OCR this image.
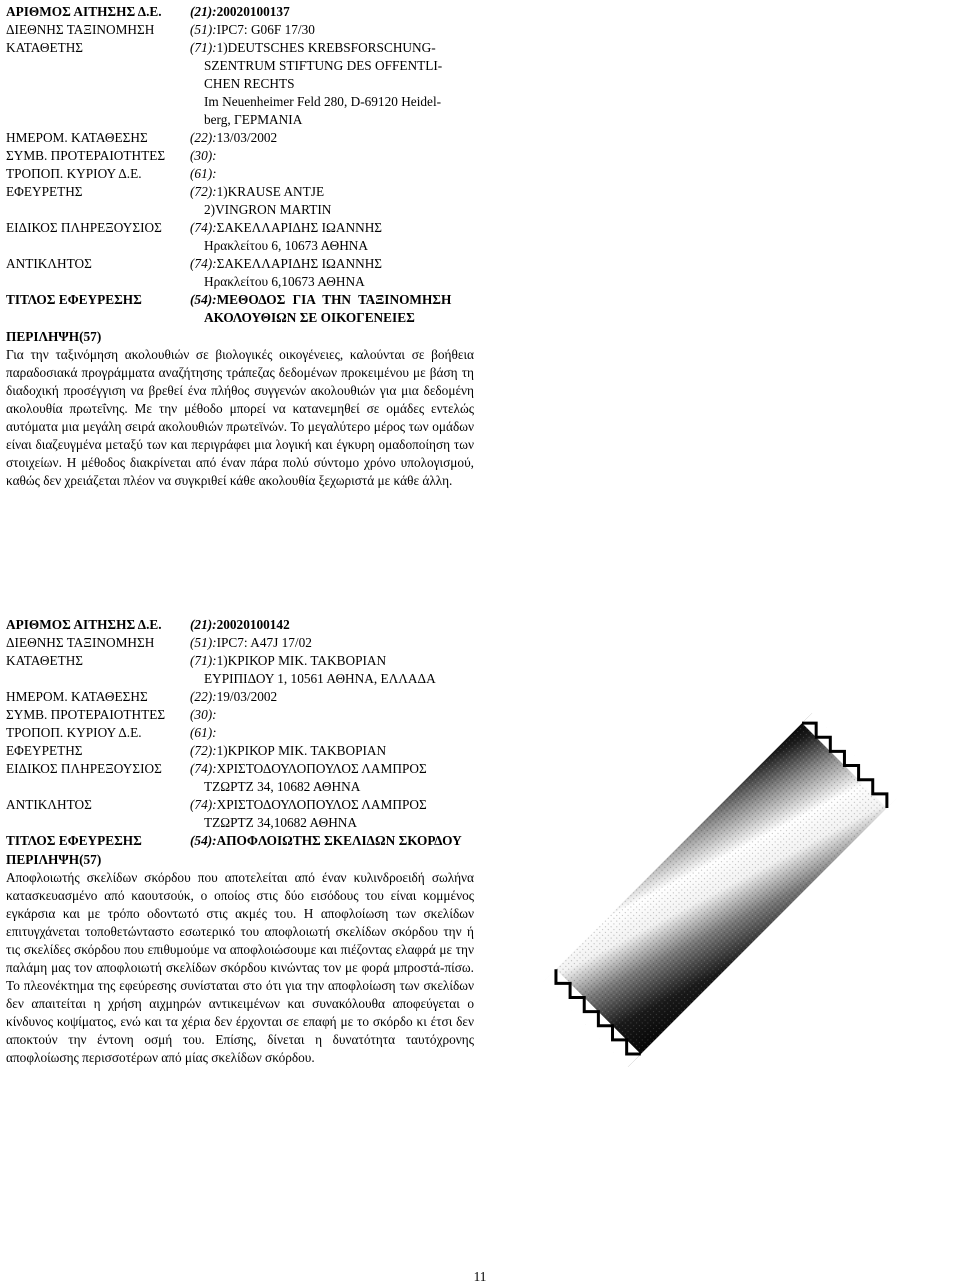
ΑΡΙΘΜΟΣ ΑΙΤΗΣΗΣ Δ.Ε.	(21): 20020100137
ΔΙΕΘΝΗΣ ΤΑΞΙΝΟΜΗΣΗ	(51): IPC7: G06F 17/30
ΚΑΤΑΘΕΤΗΣ	(71): 1)DEUTSCHES KREBSFORSCHUNG-
SZENTRUM STIFTUNG DES OFFENTLI-
CHEN RECHTS
Im Neuenheimer Feld 280, D-69120 Heidel-
berg, ΓΕΡΜΑΝΙΑ
ΗΜΕΡΟΜ. ΚΑΤΑΘΕΣΗΣ	(22): 13/03/2002
ΣΥΜΒ. ΠΡΟΤΕΡΑΙΟΤΗΤΕΣ	(30):
ΤΡΟΠΟΠ. ΚΥΡΙΟΥ Δ.Ε.	(61):
ΕΦΕΥΡΕΤΗΣ	(72): 1)KRAUSE ANTJE
2)VINGRON MARTIN
ΕΙΔΙΚΟΣ ΠΛΗΡΕΞΟΥΣΙΟΣ	(74): ΣΑΚΕΛΛΑΡΙΔΗΣ ΙΩΑΝΝΗΣ
Ηρακλείτου 6, 10673 ΑΘΗΝΑ
ΑΝΤΙΚΛΗΤΟΣ	(74): ΣΑΚΕΛΛΑΡΙΔΗΣ ΙΩΑΝΝΗΣ
Ηρακλείτου 6,10673 ΑΘΗΝΑ
ΤΙΤΛΟΣ ΕΦΕΥΡΕΣΗΣ	(54): ΜΕΘΟΔΟΣ ΓΙΑ ΤΗΝ ΤΑΞΙΝΟΜΗΣΗ
ΑΚΟΛΟΥΘΙΩΝ ΣΕ ΟΙΚΟΓΕΝΕΙΕΣ
ΠΕΡΙΛΗΨΗ(57)
Για την ταξινόμηση ακολουθιών σε βιολογικές οικογένειες, καλούνται σε βοήθεια παραδοσιακά προγράμματα αναζήτησης τράπεζας δεδομένων προκειμένου με βάση τη διαδοχική προσέγγιση να βρεθεί ένα πλήθος συγγενών ακολουθιών για μια δεδομένη ακολουθία πρωτεΐνης. Με την μέθοδο μπορεί να κατανεμηθεί σε ομάδες εντελώς αυτόματα μια μεγάλη σειρά ακολουθιών πρωτεϊνών. Το μεγαλύτερο μέρος των ομάδων είναι διαζευγμένα μεταξύ των και περιγράφει μια λογική και έγκυρη ομαδοποίηση των στοιχείων. Η μέθοδος διακρίνεται από έναν πάρα πολύ σύντομο χρόνο υπολογισμού, καθώς δεν χρειάζεται πλέον να συγκριθεί κάθε ακολουθία ξεχωριστά με κάθε άλλη.
ΑΡΙΘΜΟΣ ΑΙΤΗΣΗΣ Δ.Ε.	(21): 20020100142
ΔΙΕΘΝΗΣ ΤΑΞΙΝΟΜΗΣΗ	(51): IPC7: A47J 17/02
ΚΑΤΑΘΕΤΗΣ	(71): 1)ΚΡΙΚΟΡ ΜΙΚ. ΤΑΚΒΟΡΙΑΝ
ΕΥΡΙΠΙΔΟΥ 1, 10561 ΑΘΗΝΑ, ΕΛΛΑΔΑ
ΗΜΕΡΟΜ. ΚΑΤΑΘΕΣΗΣ	(22): 19/03/2002
ΣΥΜΒ. ΠΡΟΤΕΡΑΙΟΤΗΤΕΣ	(30):
ΤΡΟΠΟΠ. ΚΥΡΙΟΥ Δ.Ε.	(61):
ΕΦΕΥΡΕΤΗΣ	(72): 1)ΚΡΙΚΟΡ ΜΙΚ. ΤΑΚΒΟΡΙΑΝ
ΕΙΔΙΚΟΣ ΠΛΗΡΕΞΟΥΣΙΟΣ	(74): ΧΡΙΣΤΟΔΟΥΛΟΠΟΥΛΟΣ ΛΑΜΠΡΟΣ
ΤΖΩΡΤΖ 34, 10682 ΑΘΗΝΑ
ΑΝΤΙΚΛΗΤΟΣ	(74): ΧΡΙΣΤΟΔΟΥΛΟΠΟΥΛΟΣ ΛΑΜΠΡΟΣ
ΤΖΩΡΤΖ 34,10682 ΑΘΗΝΑ
ΤΙΤΛΟΣ ΕΦΕΥΡΕΣΗΣ	(54): ΑΠΟΦΛΟΙΩΤΗΣ ΣΚΕΛΙΔΩΝ ΣΚΟΡΔΟΥ
ΠΕΡΙΛΗΨΗ(57)
Αποφλοιωτής σκελίδων σκόρδου που αποτελείται από έναν κυλινδροειδή σωλήνα κατασκευασμένο από καουτσούκ, ο οποίος στις δύο εισόδους του είναι κομμένος εγκάρσια και με τρόπο οδοντωτό στις ακμές του. Η αποφλοίωση των σκελίδων επιτυγχάνεται τοποθετώνταστο εσωτερικό του αποφλοιωτή σκελίδων σκόρδου την ή τις σκελίδες σκόρδου που επιθυμούμε να αποφλοιώσουμε και πιέζοντας ελαφρά με την παλάμη μας τον αποφλοιωτή σκελίδων σκόρδου κινώντας τον με φορά μπροστά-πίσω. Το πλεονέκτημα της εφεύρεσης συνίσταται στο ότι για την αποφλοίωση των σκελίδων δεν απαιτείται η χρήση αιχμηρών αντικειμένων και συνακόλουθα αποφεύγεται ο κίνδυνος κοψίματος, ενώ και τα χέρια δεν έρχονται σε επαφή με το σκόρδο κι έτσι δεν αποκτούν την έντονη οσμή του. Επίσης, δίνεται η δυνατότητα ταυτόχρονης αποφλοίωσης περισσοτέρων από μίας σκελίδων σκόρδου.
11
